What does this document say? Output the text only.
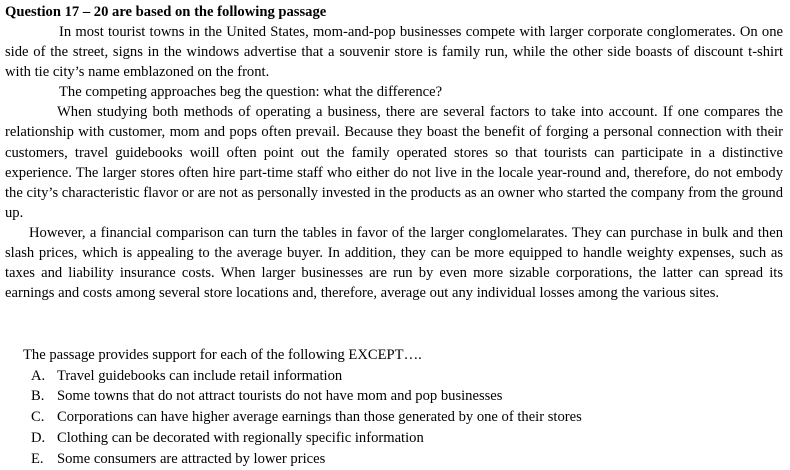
Question 17 – 20 are based on the following passage

In most tourist towns in the United States, mom-and-pop businesses compete with larger corporate conglomerates. On one side of the street, signs in the windows advertise that a souvenir store is family run, while the other side boasts of discount t-shirt with tie city’s name emblazoned on the front.

The competing approaches beg the question: what the difference?

When studying both methods of operating a business, there are several factors to take into account. If one compares the relationship with customer, mom and pops often prevail. Because they boast the benefit of forging a personal connection with their customers, travel guidebooks woill often point out the family operated stores so that tourists can participate in a distinctive experience. The larger stores often hire part-time staff who either do not live in the locale year-round and, therefore, do not embody the city’s characteristic flavor or are not as personally invested in the products as an owner who started the company from the ground up.

However, a financial comparison can turn the tables in favor of the larger conglomelarates. They can purchase in bulk and then slash prices, which is appealing to the average buyer. In addition, they can be more equipped to handle weighty expenses, such as taxes and liability insurance costs. When larger businesses are run by even more sizable corporations, the latter can spread its earnings and costs among several store locations and, therefore, average out any individual losses among the various sites.

The passage provides support for each of the following EXCEPT….
A. Travel guidebooks can include retail information
B. Some towns that do not attract tourists do not have mom and pop businesses
C. Corporations can have higher average earnings than those generated by one of their stores
D. Clothing can be decorated with regionally specific information
E. Some consumers are attracted by lower prices
